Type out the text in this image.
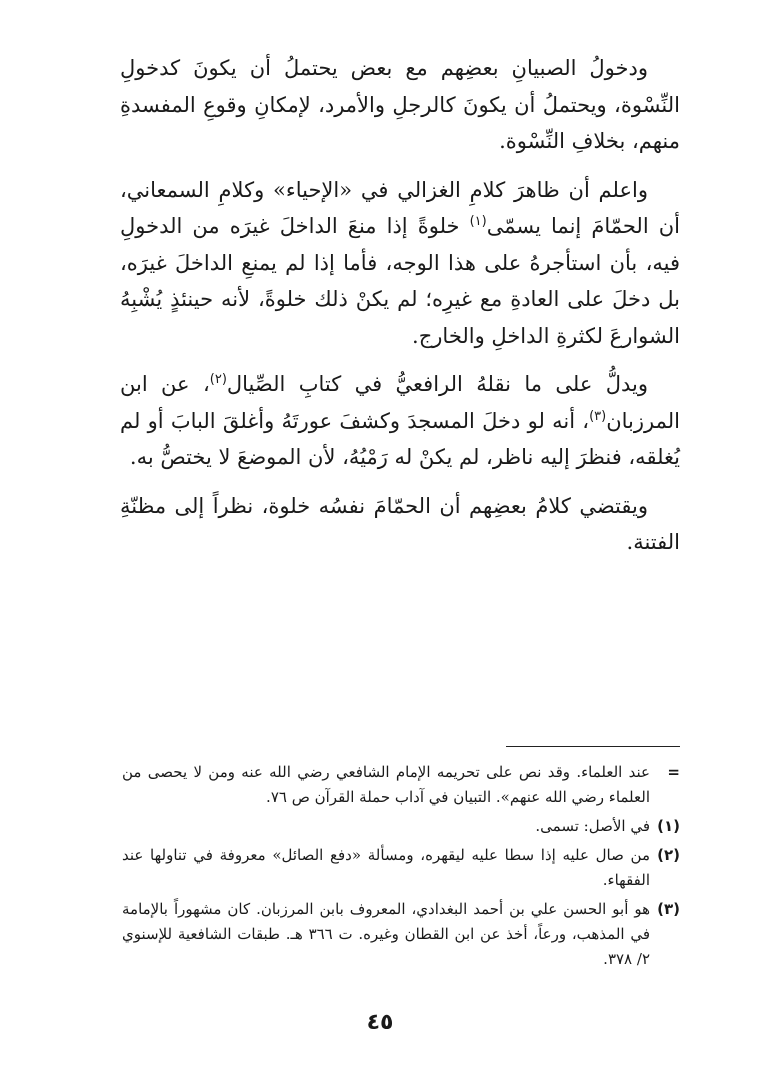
ودخولُ الصبيانِ بعضِهم مع بعض يحتملُ أن يكونَ كدخولِ النِّسْوة، ويحتملُ أن يكونَ كالرجلِ والأمرد، لإمكانِ وقوعِ المفسدةِ منهم، بخلافِ النِّسْوة.

واعلم أن ظاهرَ كلامِ الغزالي في «الإحياء» وكلامِ السمعاني، أن الحمّامَ إنما يسمّى$^{(١)}$ خلوةً إذا منعَ الداخلَ غيرَه من الدخولِ فيه، بأن استأجرهُ على هذا الوجه، فأما إذا لم يمنعِ الداخلَ غيرَه، بل دخلَ على العادةِ مع غيرِه؛ لم يكنْ ذلك خلوةً، لأنه حينئذٍ يُشْبِهُ الشوارعَ لكثرةِ الداخلِ والخارج.

ويدلُّ على ما نقلهُ الرافعيُّ في كتابِ الصِّيال$^{(٢)}$، عن ابن المرزبان$^{(٣)}$، أنه لو دخلَ المسجدَ وكشفَ عورتَهُ وأغلقَ البابَ أو لم يُغلقه، فنظرَ إليه ناظر، لم يكنْ له رَمْيُهُ، لأن الموضعَ لا يختصُّ به.

ويقتضي كلامُ بعضِهم أن الحمّامَ نفسُه خلوة، نظراً إلى مظنّةِ الفتنة.

=
عند العلماء. وقد نص على تحريمه الإمام الشافعي رضي الله عنه ومن لا يحصى من العلماء رضي الله عنهم». التبيان في آداب حملة القرآن ص ٧٦.
(١)
في الأصل: تسمى.
(٢)
من صال عليه إذا سطا عليه ليقهره، ومسألة «دفع الصائل» معروفة في تناولها عند الفقهاء.
(٣)
هو أبو الحسن علي بن أحمد البغدادي، المعروف بابن المرزبان. كان مشهوراً بالإمامة في المذهب، ورعاً، أخذ عن ابن القطان وغيره. ت ٣٦٦ هـ. طبقات الشافعية للإسنوي ٢/ ٣٧٨.
٤٥
